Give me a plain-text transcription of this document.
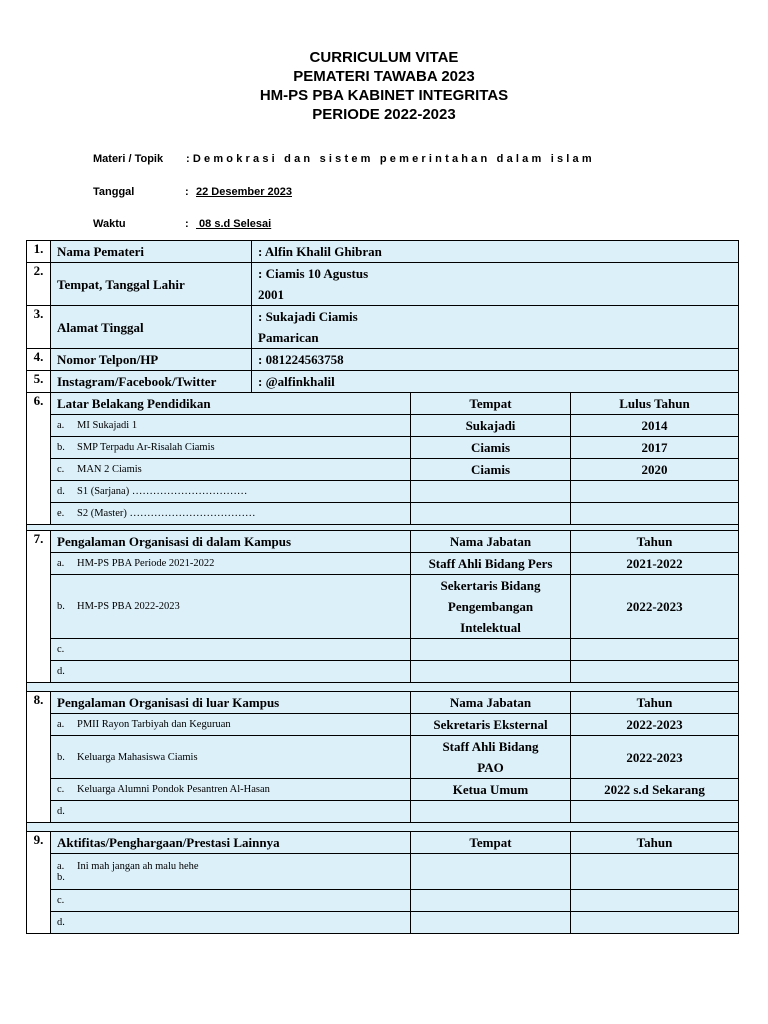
CURRICULUM VITAE
PEMATERI TAWABA 2023
HM-PS PBA KABINET INTEGRITAS
PERIODE 2022-2023
Materi / Topik :Demokrasi dan sistem pemerintahan dalam islam
Tanggal	: 22 Desember 2023
Waktu	: 08 s.d Selesai
1.	Nama Pemateri	: Alfin Khalil Ghibran		
2.	Tempat, Tanggal Lahir	: Ciamis 10 Agustus
2001		

3.	Alamat Tinggal	: Sukajadi Ciamis
Pamarican		

4.	Nomor Telpon/HP	: 081224563758		
5.	Instagram/Facebook/Twitter	: @alfinkhalil		
6.	Latar Belakang Pendidikan		Tempat	Lulus Tahun
	a. MI Sukajadi 1		Sukajadi	2014
	b. SMP Terpadu Ar-Risalah Ciamis		Ciamis	2017
	c. MAN 2 Ciamis		Ciamis	2020
	d. S1 (Sarjana) ……………………………			
	e. S2 (Master) ………………………………			

7.	Pengalaman Organisasi di dalam Kampus		Nama Jabatan	Tahun
	a. HM-PS PBA Periode 2021-2022		Staff Ahli Bidang Pers	2021-2022
	b. HM-PS PBA 2022-2023		Sekertaris Bidang
Pengembangan
Intelektual	2022-2023
	c.			
	d.			

8.	Pengalaman Organisasi di luar Kampus		Nama Jabatan	Tahun
	a. PMII Rayon Tarbiyah dan Keguruan		Sekretaris Eksternal	2022-2023
	b. Keluarga Mahasiswa Ciamis		Staff Ahli Bidang
PAO	2022-2023
	c. Keluarga Alumni Pondok Pesantren Al-Hasan		Ketua Umum	2022 s.d Sekarang
	d.			

9.	Aktifitas/Penghargaan/Prestasi Lainnya		Tempat	Tahun

	a. Ini mah jangan ah malu hehe
b.			

	c.			
	d.			
